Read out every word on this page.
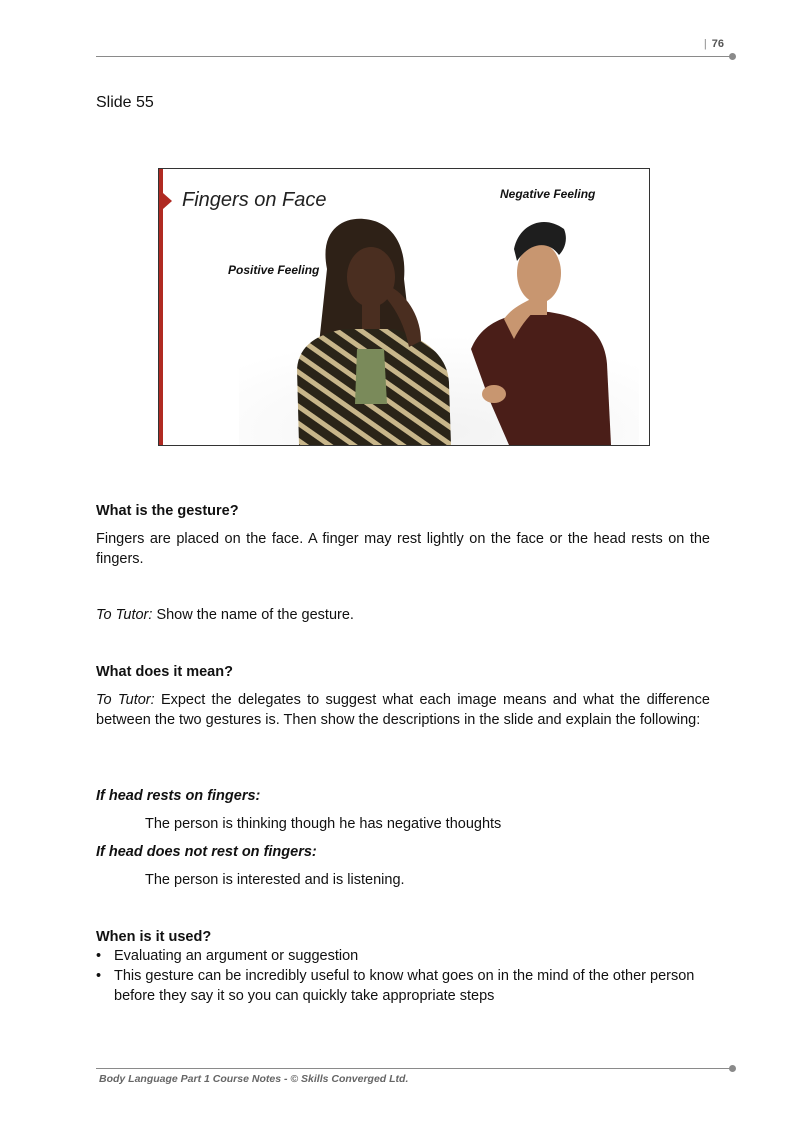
| 76
Slide 55
Fingers on Face	Negative Feeling
Positive Feeling
What is the gesture?
Fingers are placed on the face. A finger may rest lightly on the face or the head rests on the fingers.
To Tutor: Show the name of the gesture.
What does it mean?
To Tutor: Expect the delegates to suggest what each image means and what the difference between the two gestures is. Then show the descriptions in the slide and explain the following:
If head rests on fingers:
The person is thinking though he has negative thoughts
If head does not rest on fingers:
The person is interested and is listening.
When is it used?
• Evaluating an argument or suggestion
• This gesture can be incredibly useful to know what goes on in the mind of the other person before they say it so you can quickly take appropriate steps
Body Language Part 1 Course Notes - © Skills Converged Ltd.
